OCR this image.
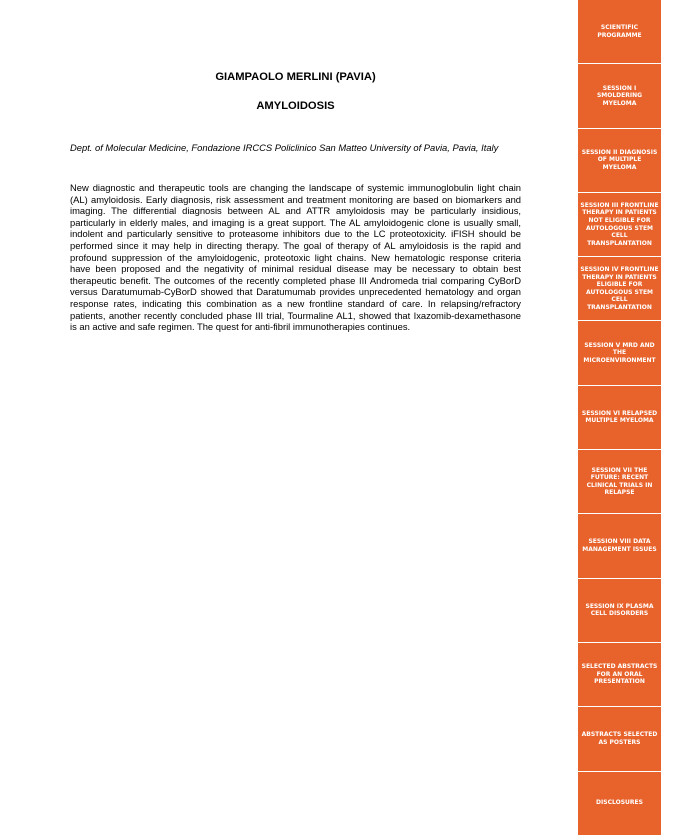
GIAMPAOLO MERLINI (PAVIA)

AMYLOIDOSIS

Dept. of Molecular Medicine, Fondazione IRCCS Policlinico San Matteo University of Pavia, Pavia, Italy

New diagnostic and therapeutic tools are changing the landscape of systemic immunoglobulin light chain (AL) amyloidosis. Early diagnosis, risk assessment and treatment monitoring are based on biomarkers and imaging. The differential diagnosis between AL and ATTR amyloidosis may be particularly insidious, particularly in elderly males, and imaging is a great support. The AL amyloidogenic clone is usually small, indolent and particularly sensitive to proteasome inhibitors due to the LC proteotoxicity. iFISH should be performed since it may help in directing therapy. The goal of therapy of AL amyloidosis is the rapid and profound suppression of the amyloidogenic, proteotoxic light chains. New hematologic response criteria have been proposed and the negativity of minimal residual disease may be necessary to obtain best therapeutic benefit. The outcomes of the recently completed phase III Andromeda trial comparing CyBorD versus Daratumumab-CyBorD showed that Daratumumab provides unprecedented hematology and organ response rates, indicating this combination as a new frontline standard of care. In relapsing/refractory patients, another recently concluded phase III trial, Tourmaline AL1, showed that Ixazomib-dexamethasone is an active and safe regimen. The quest for anti-fibril immunotherapies continues.

SCIENTIFIC PROGRAMME
SESSION I SMOLDERING MYELOMA
SESSION II DIAGNOSIS OF MULTIPLE MYELOMA
SESSION III FRONTLINE THERAPY IN PATIENTS NOT ELIGIBLE FOR AUTOLOGOUS STEM CELL TRANSPLANTATION
SESSION IV FRONTLINE THERAPY IN PATIENTS ELIGIBLE FOR AUTOLOGOUS STEM CELL TRANSPLANTATION
SESSION V MRD AND THE MICROENVIRONMENT
SESSION VI RELAPSED MULTIPLE MYELOMA
SESSION VII THE FUTURE: RECENT CLINICAL TRIALS IN RELAPSE
SESSION VIII DATA MANAGEMENT ISSUES
SESSION IX PLASMA CELL DISORDERS
SELECTED ABSTRACTS FOR AN ORAL PRESENTATION
ABSTRACTS SELECTED AS POSTERS
DISCLOSURES
